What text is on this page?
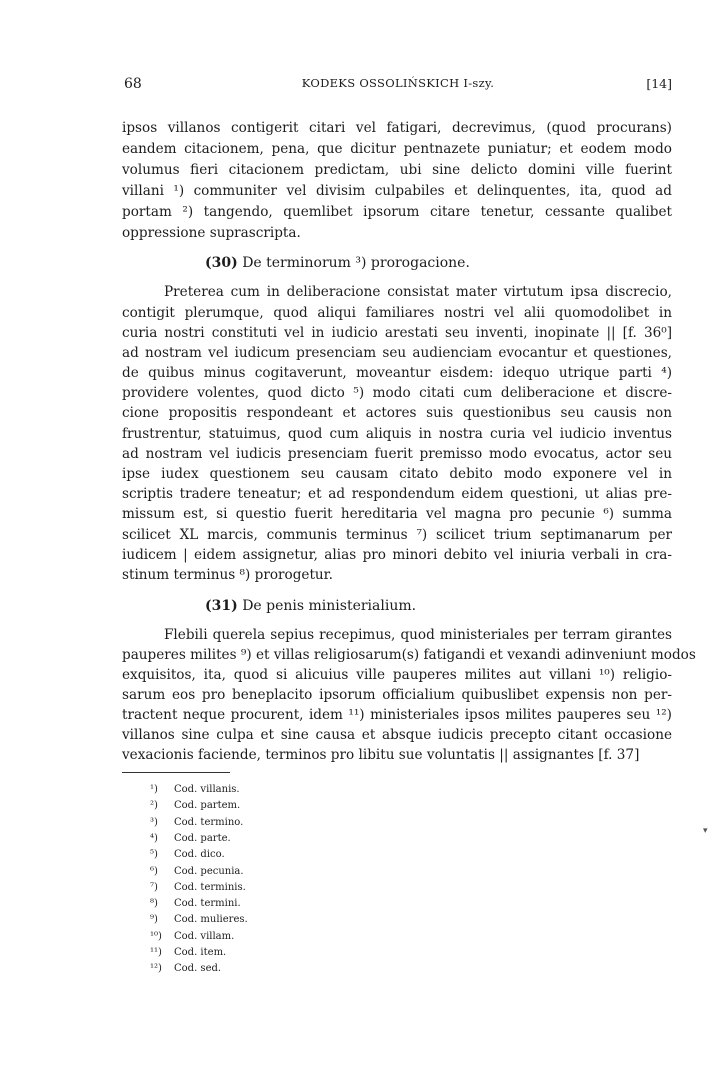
68	KODEKS OSSOLIŃSKICH I-szy.	[14]
ipsos villanos contigerit citari vel fatigari, decrevimus, (quod procurans)
eandem citacionem, pena, que dicitur pentnazete puniatur; et eodem modo
volumus fieri citacionem predictam, ubi sine delicto domini ville fuerint
villani ¹) communiter vel divisim culpabiles et delinquentes, ita, quod ad
portam ²) tangendo, quemlibet ipsorum citare tenetur, cessante qualibet
oppressione suprascripta.
(30) De terminorum ³) prorogacione.
Preterea cum in deliberacione consistat mater virtutum ipsa discrecio,
contigit plerumque, quod aliqui familiares nostri vel alii quomodolibet in
curia nostri constituti vel in iudicio arestati seu inventi, inopinate || [f. 36⁰]
ad nostram vel iudicum presenciam seu audienciam evocantur et questiones,
de quibus minus cogitaverunt, moveantur eisdem: idequo utrique parti ⁴)
providere volentes, quod dicto ⁵) modo citati cum deliberacione et discre-
cione propositis respondeant et actores suis questionibus seu causis non
frustrentur, statuimus, quod cum aliquis in nostra curia vel iudicio inventus
ad nostram vel iudicis presenciam fuerit premisso modo evocatus, actor seu
ipse iudex questionem seu causam citato debito modo exponere vel in
scriptis tradere teneatur; et ad respondendum eidem questioni, ut alias pre-
missum est, si questio fuerit hereditaria vel magna pro pecunie ⁶) summa
scilicet XL marcis, communis terminus ⁷) scilicet trium septimanarum per
iudicem | eidem assignetur, alias pro minori debito vel iniuria verbali in cra-
stinum terminus ⁸) prorogetur.
(31) De penis ministerialium.
Flebili querela sepius recepimus, quod ministeriales per terram girantes
pauperes milites ⁹) et villas religiosarum(s) fatigandi et vexandi adinveniunt modos
exquisitos, ita, quod si alicuius ville pauperes milites aut villani ¹⁰) religio-
sarum eos pro beneplacito ipsorum officialium quibuslibet expensis non per-
tractent neque procurent, idem ¹¹) ministeriales ipsos milites pauperes seu ¹²)
villanos sine culpa et sine causa et absque iudicis precepto citant occasione
vexacionis faciende, terminos pro libitu sue voluntatis || assignantes [f. 37]
¹) Cod. villanis.
²) Cod. partem.
³) Cod. termino.
⁴) Cod. parte.
⁵) Cod. dico.
⁶) Cod. pecunia.
⁷) Cod. terminis.
⁸) Cod. termini.
⁹) Cod. mulieres.
¹⁰) Cod. villam.
¹¹) Cod. item.
¹²) Cod. sed.
▾
